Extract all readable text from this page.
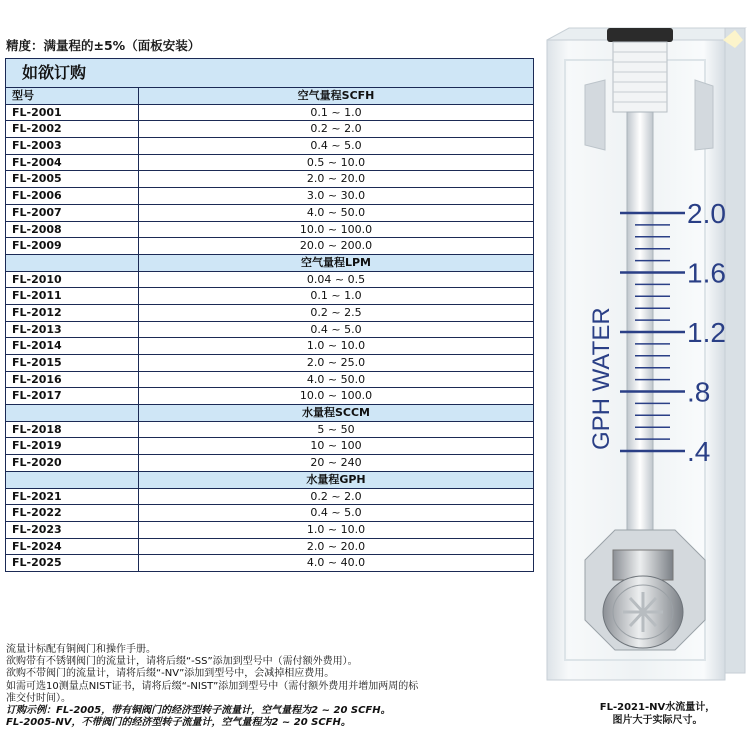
精度：满量程的±5%（面板安装）
如欲订购
型号	空气量程SCFH
FL-2001	0.1 ~ 1.0
FL-2002	0.2 ~ 2.0
FL-2003	0.4 ~ 5.0
FL-2004	0.5 ~ 10.0
FL-2005	2.0 ~ 20.0
FL-2006	3.0 ~ 30.0
FL-2007	4.0 ~ 50.0
FL-2008	10.0 ~ 100.0
FL-2009	20.0 ~ 200.0
空气量程LPM
FL-2010	0.04 ~ 0.5
FL-2011	0.1 ~ 1.0
FL-2012	0.2 ~ 2.5
FL-2013	0.4 ~ 5.0
FL-2014	1.0 ~ 10.0
FL-2015	2.0 ~ 25.0
FL-2016	4.0 ~ 50.0
FL-2017	10.0 ~ 100.0
水量程SCCM
FL-2018	5 ~ 50
FL-2019	10 ~ 100
FL-2020	20 ~ 240
水量程GPH
FL-2021	0.2 ~ 2.0
FL-2022	0.4 ~ 5.0
FL-2023	1.0 ~ 10.0
FL-2024	2.0 ~ 20.0
FL-2025	4.0 ~ 40.0
流量计标配有铜阀门和操作手册。
欲购带有不锈钢阀门的流量计，请将后缀“-SS”添加到型号中（需付额外费用）。
欲购不带阀门的流量计，请将后缀“-NV”添加到型号中，会减掉相应费用。
如需可选10测量点NIST证书，请将后缀“-NIST”添加到型号中（需付额外费用并增加两周的标
准交付时间）。
订购示例：FL-2005，带有铜阀门的经济型转子流量计，空气量程为2 ~ 20 SCFH。
FL-2005-NV，不带阀门的经济型转子流量计，空气量程为2 ~ 20 SCFH。
2.0
1.6
1.2
.8
.4
GPH WATER
FL-2021-NV水流量计，
图片大于实际尺寸。
